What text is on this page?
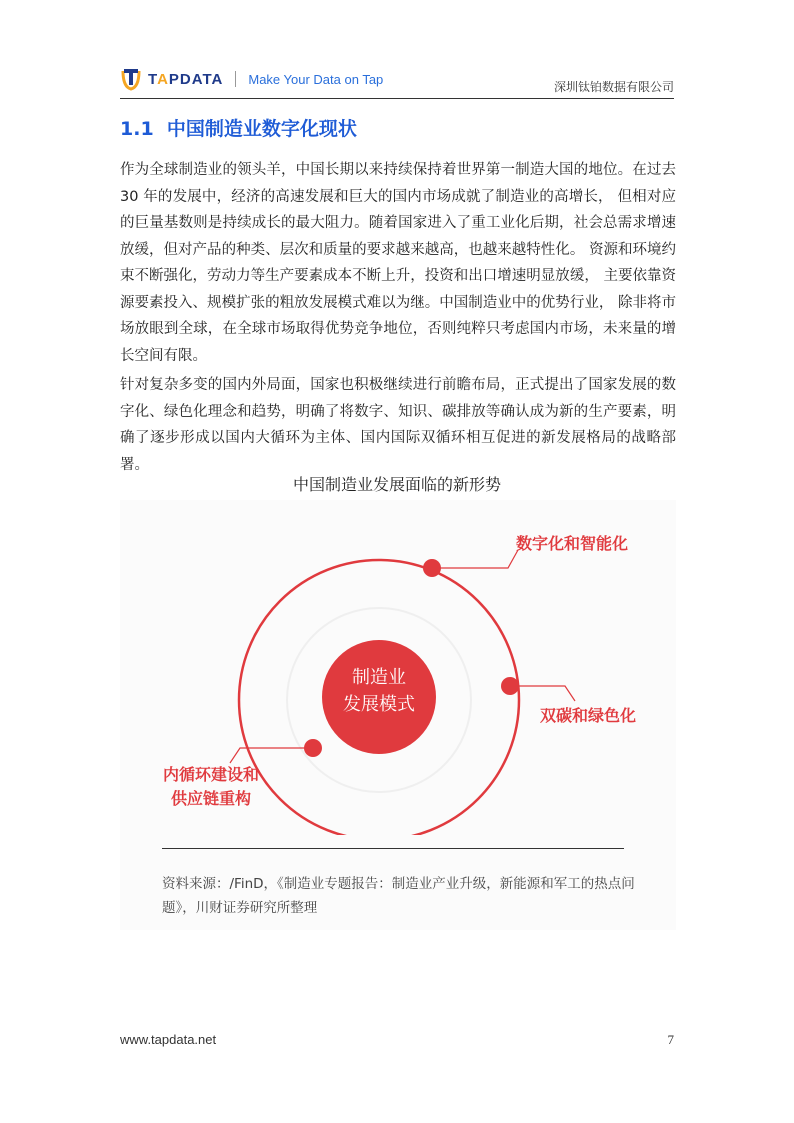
TAPDATA Make Your Data on Tap
深圳钛铂数据有限公司
1.1 中国制造业数字化现状
作为全球制造业的领头羊，中国长期以来持续保持着世界第一制造大国的地位。在过去 30 年的发展中，经济的高速发展和巨大的国内市场成就了制造业的高增长， 但相对应的巨量基数则是持续成长的最大阻力。随着国家进入了重工业化后期，社会总需求增速放缓，但对产品的种类、层次和质量的要求越来越高，也越来越特性化。 资源和环境约束不断强化，劳动力等生产要素成本不断上升，投资和出口增速明显放缓， 主要依靠资源要素投入、规模扩张的粗放发展模式难以为继。中国制造业中的优势行业， 除非将市场放眼到全球，在全球市场取得优势竞争地位，否则纯粹只考虑国内市场，未来量的增长空间有限。
针对复杂多变的国内外局面，国家也积极继续进行前瞻布局，正式提出了国家发展的数字化、绿色化理念和趋势，明确了将数字、知识、碳排放等确认成为新的生产要素，明确了逐步形成以国内大循环为主体、国内国际双循环相互促进的新发展格局的战略部署。
中国制造业发展面临的新形势
制造业
发展模式
数字化和智能化
双碳和绿色化
内循环建设和
供应链重构
资料来源：/FinD，《制造业专题报告：制造业产业升级，新能源和军工的热点问题》，川财证券研究所整理
www.tapdata.net	7
